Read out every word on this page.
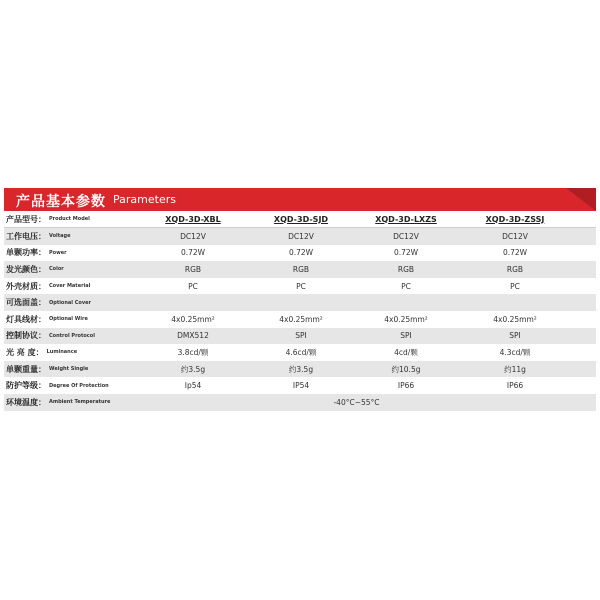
产品基本参数 Parameters
产品型号： Product Model	XQD-3D-XBL	XQD-3D-SJD	XQD-3D-LXZS	XQD-3D-ZSSJ
工作电压： Voltage	DC12V	DC12V	DC12V	DC12V
单颗功率： Power	0.72W	0.72W	0.72W	0.72W
发光颜色： Color	RGB	RGB	RGB	RGB
外壳材质： Cover Material	PC	PC	PC	PC
可选面盖： Optional Cover
灯具线材： Optional Wire	4x0.25mm²	4x0.25mm²	4x0.25mm²	4x0.25mm²
控制协议： Control Protocol	DMX512	SPI	SPI	SPI
光 亮 度： Luminance	3.8cd/颗	4.6cd/颗	4cd/颗	4.3cd/颗
单颗重量： Weight Single	约3.5g	约3.5g	约10.5g	约11g
防护等级： Degree Of Protection	Ip54	IP54	IP66	IP66
环境温度： Ambient Temperature	-40°C~55°C
